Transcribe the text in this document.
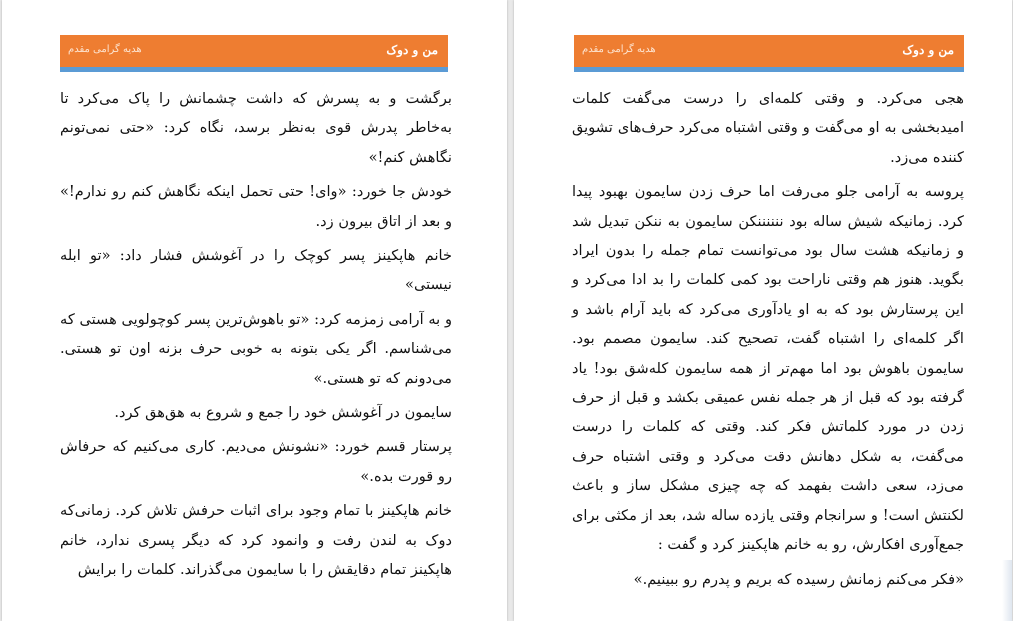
من و دوک
هدیه گرامی مقدم

برگشت و به پسرش که داشت چشمانش را پاک می‌کرد تا به‌خاطر پدرش قوی به‌نظر برسد، نگاه کرد: «حتی نمی‌تونم نگاهش کنم!»

خودش جا خورد: «وای! حتی تحمل اینکه نگاهش کنم رو ندارم!» و بعد از اتاق بیرون زد.

خانم هاپکینز پسر کوچک را در آغوشش فشار داد: «تو ابله نیستی»

و به آرامی زمزمه کرد: «تو باهوش‌ترین پسر کوچولویی هستی که می‌شناسم. اگر یکی بتونه به خوبی حرف بزنه اون تو هستی. می‌دونم که تو هستی.»

سایمون در آغوشش خود را جمع و شروع به هق‌هق کرد.

پرستار قسم خورد: «نشونش می‌دیم. کاری می‌کنیم که حرفاش رو قورت بده.»

خانم هاپکینز با تمام وجود برای اثبات حرفش تلاش کرد. زمانی‌که دوک به لندن رفت و وانمود کرد که دیگر پسری ندارد، خانم هاپکینز تمام دقایقش را با سایمون می‌گذراند. کلمات را برایش

من و دوک
هدیه گرامی مقدم

هجی می‌کرد. و وقتی کلمه‌ای را درست می‌گفت کلمات امیدبخشی به او می‌گفت و وقتی اشتباه می‌کرد حرف‌های تشویق کننده می‌زد.

پروسه به آرامی جلو می‌رفت اما حرف زدن سایمون بهبود پیدا کرد. زمانیکه شیش ساله بود ننننننکن سایمون به ننکن تبدیل شد و زمانیکه هشت سال بود می‌توانست تمام جمله را بدون ایراد بگوید. هنوز هم وقتی ناراحت بود کمی کلمات را بد ادا می‌کرد و این پرستارش بود که به او یادآوری می‌کرد که باید آرام باشد و اگر کلمه‌ای را اشتباه گفت، تصحیح کند. سایمون مصمم بود. سایمون باهوش بود اما مهم‌تر از همه سایمون کله‌شق بود! یاد گرفته بود که قبل از هر جمله نفس عمیقی بکشد و قبل از حرف زدن در مورد کلماتش فکر کند. وقتی که کلمات را درست می‌گفت، به شکل دهانش دقت می‌کرد و وقتی اشتباه حرف می‌زد، سعی داشت بفهمد که چه چیزی مشکل ساز و باعث لکنتش است! و سرانجام وقتی یازده ساله شد، بعد از مکثی برای جمع‌آوری افکارش، رو به خانم هاپکینز کرد و گفت :

«فکر می‌کنم زمانش رسیده که بریم و پدرم رو ببینیم.»
